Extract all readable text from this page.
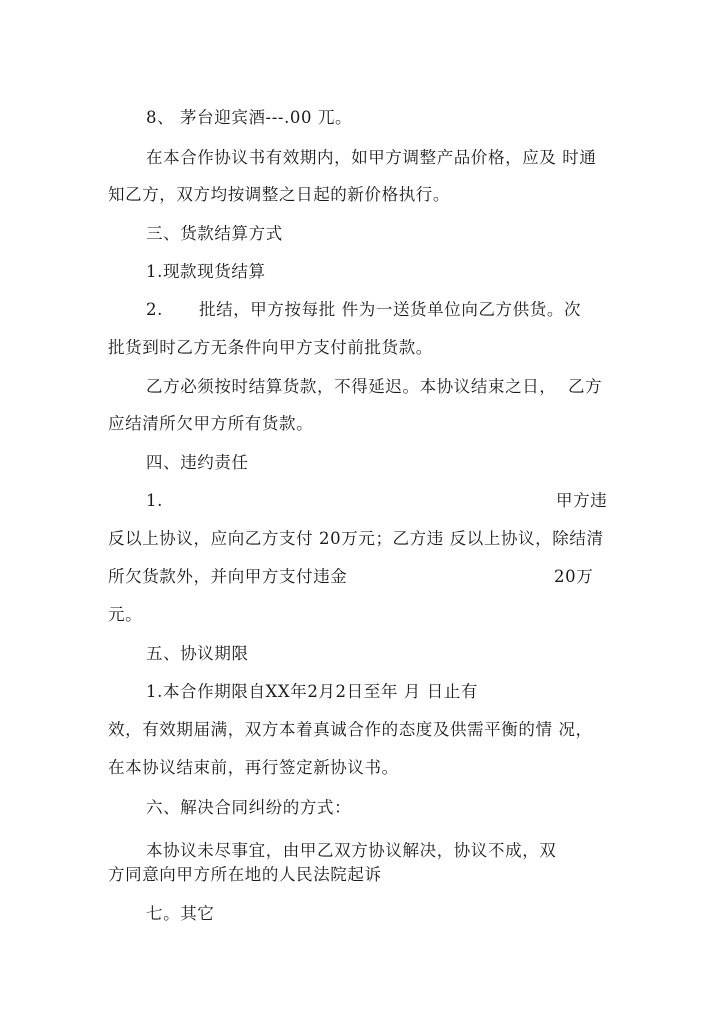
8、 茅台迎宾酒---.00 兀。
在本合作协议书有效期内，如甲方调整产品价格，应及 时通
知乙方，双方均按调整之日起的新价格执行。
三、货款结算方式
1.现款现货结算
2. 批结，甲方按每批 件为一送货单位向乙方供货。次
批货到时乙方无条件向甲方支付前批货款。
乙方必须按时结算货款，不得延迟。本协议结束之日， 乙方
应结清所欠甲方所有货款。
四、违约责任
1.	甲方违
反以上协议，应向乙方支付 20万元；乙方违 反以上协议，除结清
所欠货款外，并向甲方支付违金	20万
元。
五、协议期限
1.本合作期限自XX年2月2日至年 月 日止有
效，有效期届满，双方本着真诚合作的态度及供需平衡的情 况，
在本协议结束前，再行签定新协议书。
六、解决合同纠纷的方式：
本协议未尽事宜，由甲乙双方协议解决，协议不成，双
方同意向甲方所在地的人民法院起诉
七。其它
